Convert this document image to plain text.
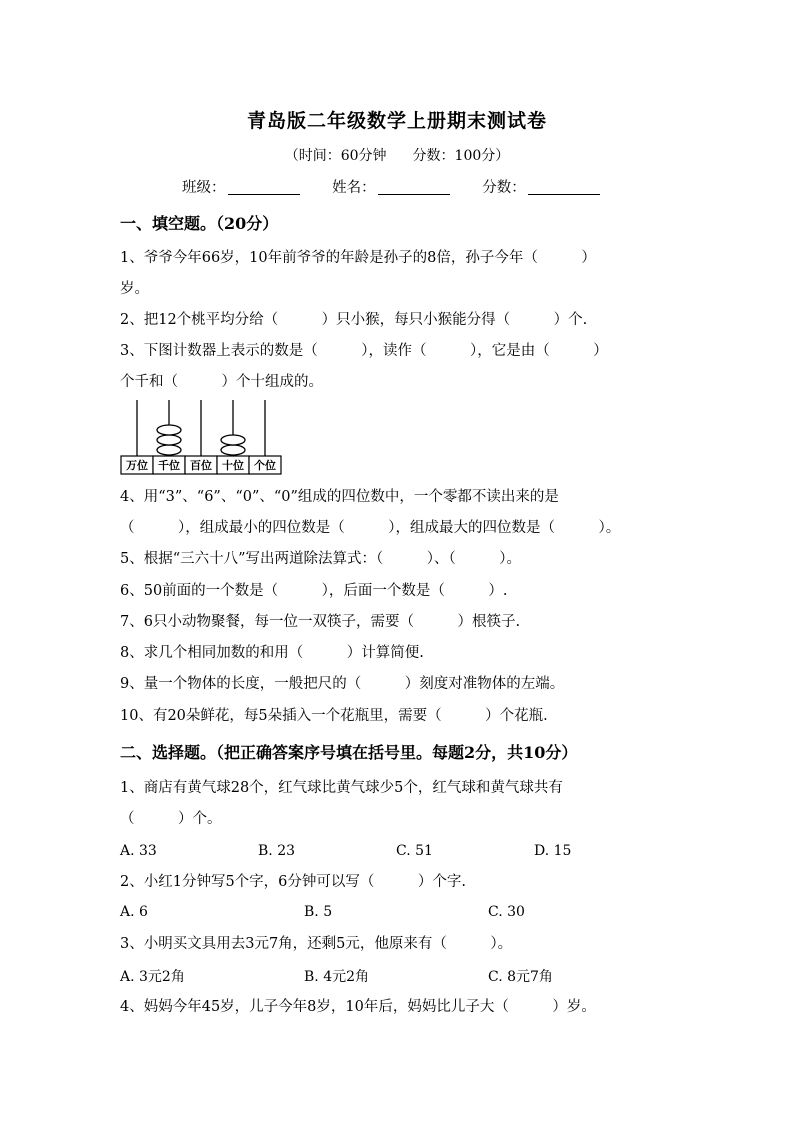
青岛版二年级数学上册期末测试卷
（时间：60分钟 分数：100分）
班级：	姓名：	分数：
一、填空题。（20分）
1、爷爷今年66岁，10年前爷爷的年龄是孙子的8倍，孙子今年（　　　）
岁。
2、把12个桃平均分给（　　　）只小猴，每只小猴能分得（　　　）个.
3、下图计数器上表示的数是（　　　），读作（　　　），它是由（　　　）
个千和（　　　）个十组成的。
万位 千位 百位 十位 个位
4、用“3”、“6”、“0”、“0”组成的四位数中，一个零都不读出来的是
（　　　），组成最小的四位数是（　　　），组成最大的四位数是（　　　）。
5、根据“三六十八”写出两道除法算式：（　　　）、（　　　）。
6、50前面的一个数是（　　　），后面一个数是（　　　）.
7、6只小动物聚餐，每一位一双筷子，需要（　　　）根筷子.
8、求几个相同加数的和用（　　　）计算简便.
9、量一个物体的长度，一般把尺的（　　　）刻度对准物体的左端。
10、有20朵鲜花，每5朵插入一个花瓶里，需要（　　　）个花瓶.
二、选择题。（把正确答案序号填在括号里。每题2分，共10分）
1、商店有黄气球28个，红气球比黄气球少5个，红气球和黄气球共有
（　　　）个。
A. 33	B. 23	C. 51	D. 15
2、小红1分钟写5个字，6分钟可以写（　　　）个字.
A. 6	B. 5	C. 30
3、小明买文具用去3元7角，还剩5元，他原来有（　　　）。
A. 3元2角	B. 4元2角	C. 8元7角
4、妈妈今年45岁，儿子今年8岁，10年后，妈妈比儿子大（　　　）岁。
